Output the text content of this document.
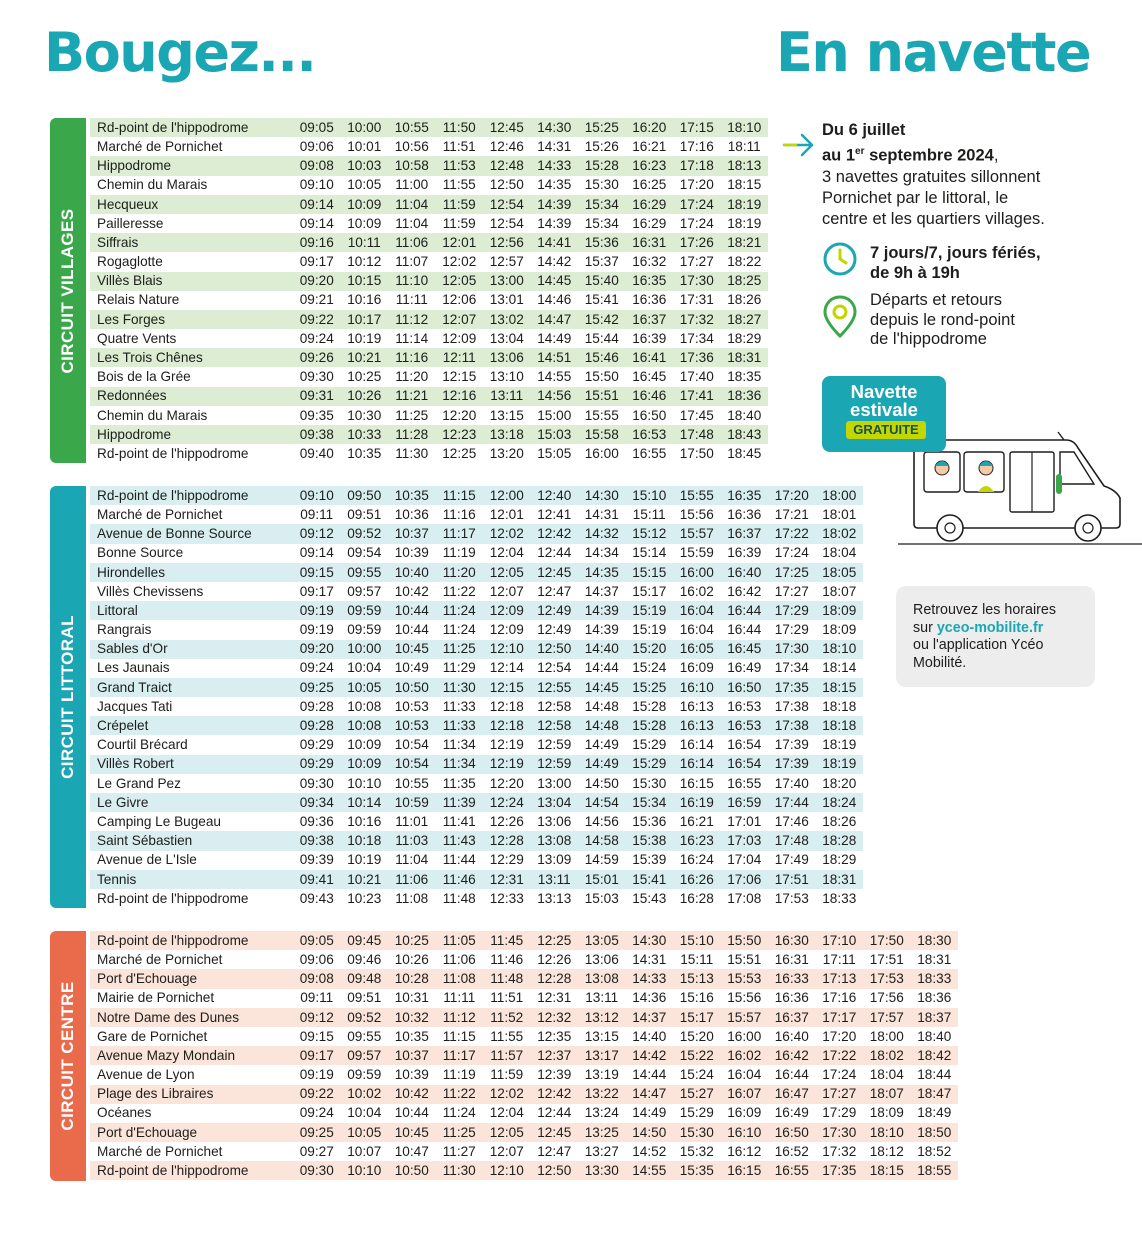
Bougez...	En navette
CIRCUIT VILLAGES
Rd-point de l'hippodrome	09:05 10:00 10:55	11:50	12:45 14:30 15:25 16:20 17:15 18:10
Marché de Pornichet	09:06 10:01 10:56	11:51	12:46 14:31 15:26 16:21 17:16	18:11
Hippodrome	09:08 10:03 10:58	11:53	12:48 14:33 15:28 16:23 17:18 18:13
Chemin du Marais	09:10 10:05	11:00	11:55	12:50 14:35 15:30 16:25 17:20 18:15
Hecqueux	09:14 10:09	11:04	11:59	12:54 14:39 15:34 16:29 17:24 18:19
Pailleresse	09:14 10:09	11:04	11:59	12:54 14:39 15:34 16:29 17:24 18:19
Siffrais	09:16	10:11	11:06	12:01 12:56 14:41 15:36 16:31 17:26 18:21
Rogaglotte	09:17 10:12	11:07	12:02 12:57 14:42 15:37 16:32 17:27 18:22
Villès Blais	09:20 10:15	11:10	12:05 13:00 14:45 15:40 16:35 17:30 18:25
Relais Nature	09:21 10:16	11:11	12:06 13:01 14:46 15:41 16:36 17:31 18:26
Les Forges	09:22 10:17	11:12	12:07 13:02 14:47 15:42 16:37 17:32 18:27
Quatre Vents	09:24 10:19	11:14	12:09 13:04 14:49 15:44 16:39 17:34 18:29
Les Trois Chênes	09:26 10:21	11:16	12:11	13:06 14:51 15:46 16:41 17:36 18:31
Bois de la Grée	09:30 10:25	11:20	12:15 13:10 14:55 15:50 16:45 17:40 18:35
Redonnées	09:31 10:26	11:21	12:16	13:11	14:56 15:51 16:46 17:41 18:36
Chemin du Marais	09:35 10:30	11:25	12:20 13:15 15:00 15:55 16:50 17:45 18:40
Hippodrome	09:38 10:33	11:28	12:23 13:18 15:03 15:58 16:53 17:48 18:43
Rd-point de l'hippodrome	09:40 10:35	11:30	12:25 13:20 15:05 16:00 16:55 17:50 18:45
CIRCUIT LITTORAL
Rd-point de l'hippodrome	09:10 09:50 10:35	11:15	12:00 12:40 14:30 15:10 15:55 16:35 17:20 18:00
Marché de Pornichet	09:11	09:51 10:36	11:16	12:01 12:41 14:31	15:11	15:56 16:36 17:21 18:01
Avenue de Bonne Source	09:12 09:52 10:37	11:17	12:02 12:42 14:32 15:12 15:57 16:37 17:22 18:02
Bonne Source	09:14 09:54 10:39	11:19	12:04 12:44 14:34 15:14 15:59 16:39 17:24 18:04
Hirondelles	09:15 09:55 10:40	11:20	12:05 12:45 14:35 15:15 16:00 16:40 17:25 18:05
Villès Chevissens	09:17 09:57 10:42	11:22	12:07 12:47 14:37 15:17 16:02 16:42 17:27 18:07
Littoral	09:19 09:59 10:44	11:24	12:09 12:49 14:39 15:19 16:04 16:44 17:29 18:09
Rangrais	09:19 09:59 10:44	11:24	12:09 12:49 14:39 15:19 16:04 16:44 17:29 18:09
Sables d'Or	09:20 10:00 10:45	11:25	12:10 12:50 14:40 15:20 16:05 16:45 17:30 18:10
Les Jaunais	09:24 10:04 10:49	11:29	12:14 12:54 14:44 15:24 16:09 16:49 17:34 18:14
Grand Traict	09:25 10:05 10:50	11:30	12:15 12:55 14:45 15:25 16:10 16:50 17:35 18:15
Jacques Tati	09:28 10:08 10:53	11:33	12:18 12:58 14:48 15:28 16:13 16:53 17:38 18:18
Crépelet	09:28 10:08 10:53	11:33	12:18 12:58 14:48 15:28 16:13 16:53 17:38 18:18
Courtil Brécard	09:29 10:09 10:54	11:34	12:19 12:59 14:49 15:29 16:14 16:54 17:39 18:19
Villès Robert	09:29 10:09 10:54	11:34	12:19 12:59 14:49 15:29 16:14 16:54 17:39 18:19
Le Grand Pez	09:30 10:10 10:55	11:35	12:20 13:00 14:50 15:30 16:15 16:55 17:40 18:20
Le Givre	09:34 10:14 10:59	11:39	12:24 13:04 14:54 15:34 16:19 16:59 17:44 18:24
Camping Le Bugeau	09:36 10:16	11:01	11:41	12:26 13:06 14:56 15:36 16:21 17:01 17:46 18:26
Saint Sébastien	09:38 10:18	11:03	11:43	12:28 13:08 14:58 15:38 16:23 17:03 17:48 18:28
Avenue de L'Isle	09:39 10:19	11:04	11:44	12:29 13:09 14:59 15:39 16:24 17:04 17:49 18:29
Tennis	09:41 10:21	11:06	11:46	12:31	13:11	15:01 15:41 16:26 17:06 17:51 18:31
Rd-point de l'hippodrome	09:43 10:23	11:08	11:48	12:33 13:13 15:03 15:43 16:28 17:08 17:53 18:33
CIRCUIT CENTRE
Rd-point de l'hippodrome	09:05 09:45 10:25	11:05	11:45	12:25 13:05 14:30 15:10 15:50 16:30 17:10 17:50 18:30
Marché de Pornichet	09:06 09:46 10:26	11:06	11:46	12:26 13:06 14:31	15:11	15:51 16:31	17:11	17:51 18:31
Port d'Echouage	09:08 09:48 10:28	11:08	11:48	12:28 13:08 14:33 15:13 15:53 16:33 17:13 17:53 18:33
Mairie de Pornichet	09:11	09:51 10:31	11:11	11:51	12:31	13:11	14:36 15:16 15:56 16:36 17:16 17:56 18:36
Notre Dame des Dunes	09:12 09:52 10:32	11:12	11:52	12:32 13:12 14:37 15:17 15:57 16:37 17:17 17:57 18:37
Gare de Pornichet	09:15 09:55 10:35	11:15	11:55	12:35 13:15 14:40 15:20 16:00 16:40 17:20 18:00 18:40
Avenue Mazy Mondain	09:17 09:57 10:37	11:17	11:57	12:37 13:17 14:42 15:22 16:02 16:42 17:22 18:02 18:42
Avenue de Lyon	09:19 09:59 10:39	11:19	11:59	12:39 13:19 14:44 15:24 16:04 16:44 17:24 18:04 18:44
Plage des Libraires	09:22 10:02 10:42	11:22	12:02 12:42 13:22 14:47 15:27 16:07 16:47 17:27 18:07 18:47
Océanes	09:24 10:04 10:44	11:24	12:04 12:44 13:24 14:49 15:29 16:09 16:49 17:29 18:09 18:49
Port d'Echouage	09:25 10:05 10:45	11:25	12:05 12:45 13:25 14:50 15:30 16:10 16:50 17:30 18:10 18:50
Marché de Pornichet	09:27 10:07 10:47	11:27	12:07 12:47 13:27 14:52 15:32 16:12 16:52 17:32 18:12 18:52
Rd-point de l'hippodrome	09:30 10:10 10:50	11:30	12:10 12:50 13:30 14:55 15:35 16:15 16:55 17:35 18:15 18:55
Du 6 juillet
au 1er septembre 2024,
3 navettes gratuites sillonnent
Pornichet par le littoral, le
centre et les quartiers villages.
7 jours/7, jours fériés,
de 9h à 19h
Départs et retours
depuis le rond-point
de l'hippodrome
Navette
estivale
GRATUITE
Retrouvez les horaires
sur yceo-mobilite.fr
ou l'application Ycéo
Mobilité.
